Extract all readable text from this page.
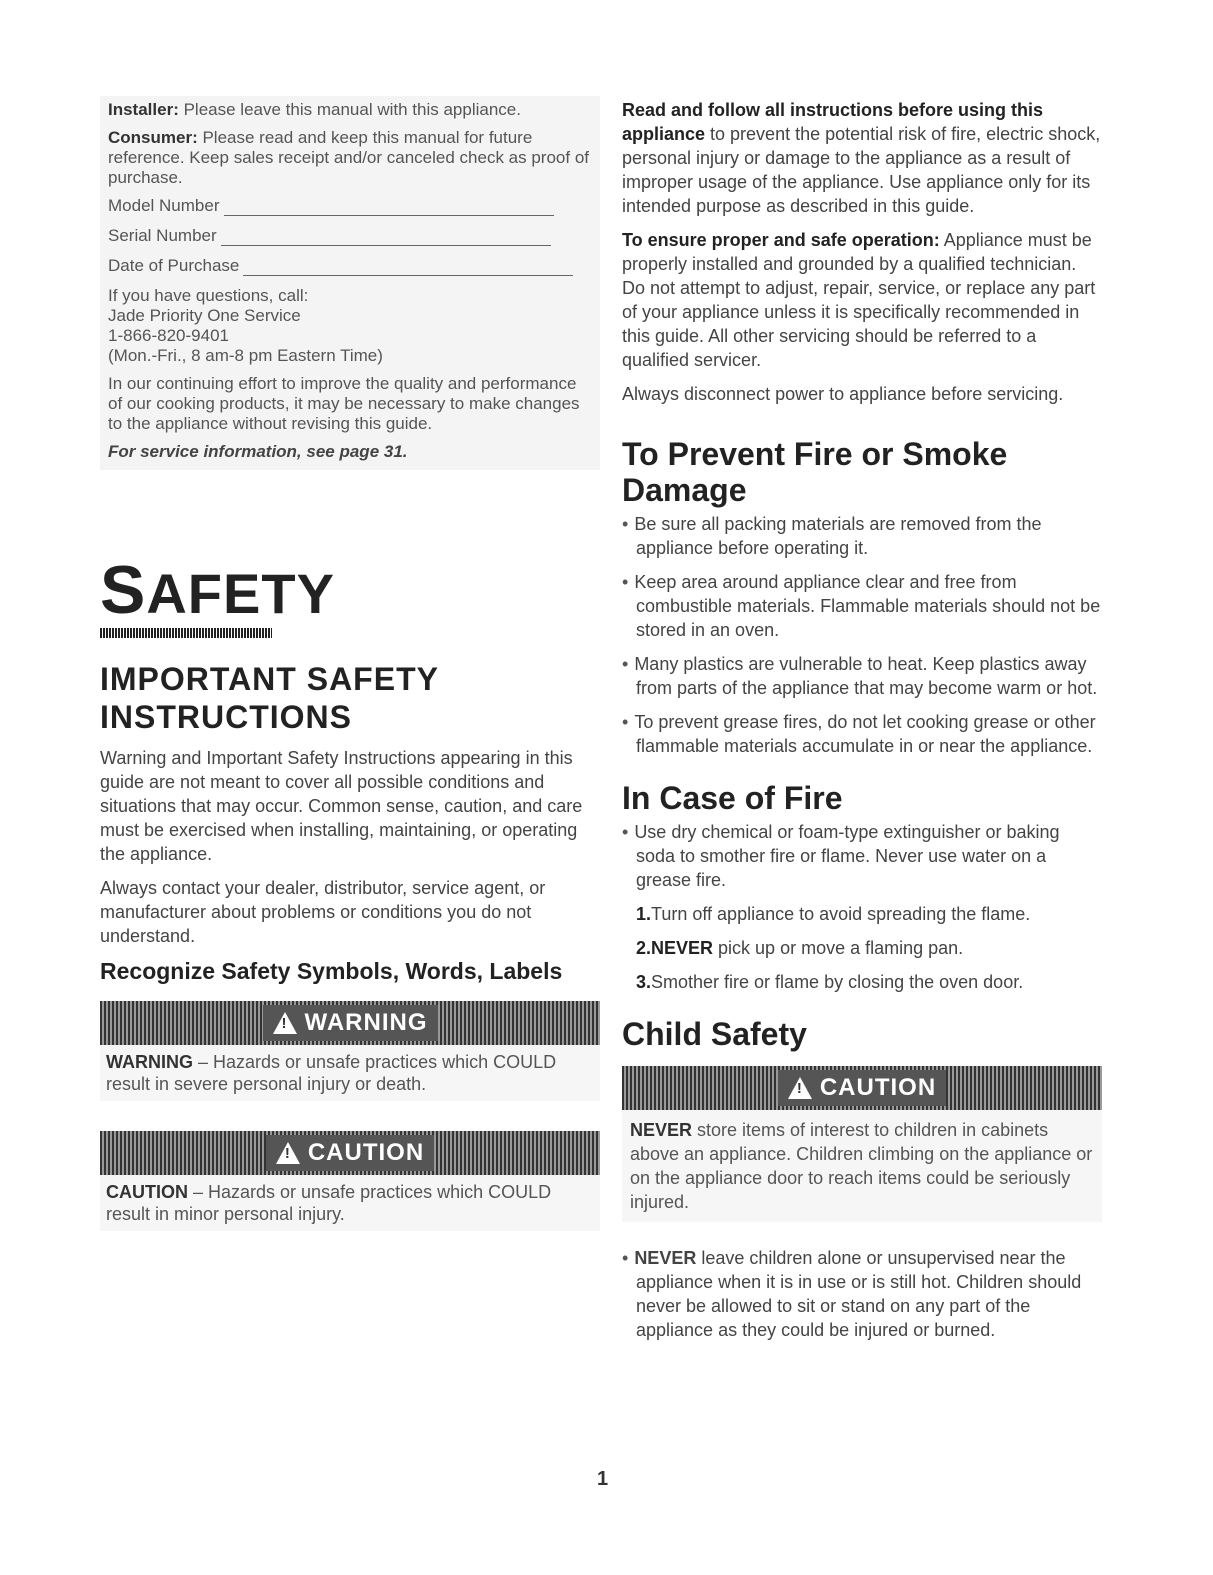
Installer: Please leave this manual with this appliance.

Consumer: Please read and keep this manual for future reference. Keep sales receipt and/or canceled check as proof of purchase.

Model Number
Serial Number
Date of Purchase

If you have questions, call:

Jade Priority One Service

1-866-820-9401

(Mon.-Fri., 8 am-8 pm Eastern Time)

In our continuing effort to improve the quality and performance of our cooking products, it may be necessary to make changes to the appliance without revising this guide.

For service information, see page 31.
SAFETY
IMPORTANT SAFETY INSTRUCTIONS

Warning and Important Safety Instructions appearing in this guide are not meant to cover all possible conditions and situations that may occur. Common sense, caution, and care must be exercised when installing, maintaining, or operating the appliance.

Always contact your dealer, distributor, service agent, or manufacturer about problems or conditions you do not understand.

Recognize Safety Symbols, Words, Labels
! WARNING
WARNING – Hazards or unsafe practices which COULD result in severe personal injury or death.
! CAUTION
CAUTION – Hazards or unsafe practices which COULD result in minor personal injury.

Read and follow all instructions before using this appliance to prevent the potential risk of fire, electric shock, personal injury or damage to the appliance as a result of improper usage of the appliance. Use appliance only for its intended purpose as described in this guide.

To ensure proper and safe operation: Appliance must be properly installed and grounded by a qualified technician. Do not attempt to adjust, repair, service, or replace any part of your appliance unless it is specifically recommended in this guide. All other servicing should be referred to a qualified servicer.

Always disconnect power to appliance before servicing.

To Prevent Fire or Smoke Damage
• Be sure all packing materials are removed from the appliance before operating it.
• Keep area around appliance clear and free from combustible materials. Flammable materials should not be stored in an oven.
• Many plastics are vulnerable to heat. Keep plastics away from parts of the appliance that may become warm or hot.
• To prevent grease fires, do not let cooking grease or other flammable materials accumulate in or near the appliance.
In Case of Fire
• Use dry chemical or foam-type extinguisher or baking soda to smother fire or flame. Never use water on a grease fire.
1.Turn off appliance to avoid spreading the flame.
2.NEVER pick up or move a flaming pan.
3.Smother fire or flame by closing the oven door.
Child Safety
! CAUTION
NEVER store items of interest to children in cabinets above an appliance. Children climbing on the appliance or on the appliance door to reach items could be seriously injured.
• NEVER leave children alone or unsupervised near the appliance when it is in use or is still hot. Children should never be allowed to sit or stand on any part of the appliance as they could be injured or burned.
1
